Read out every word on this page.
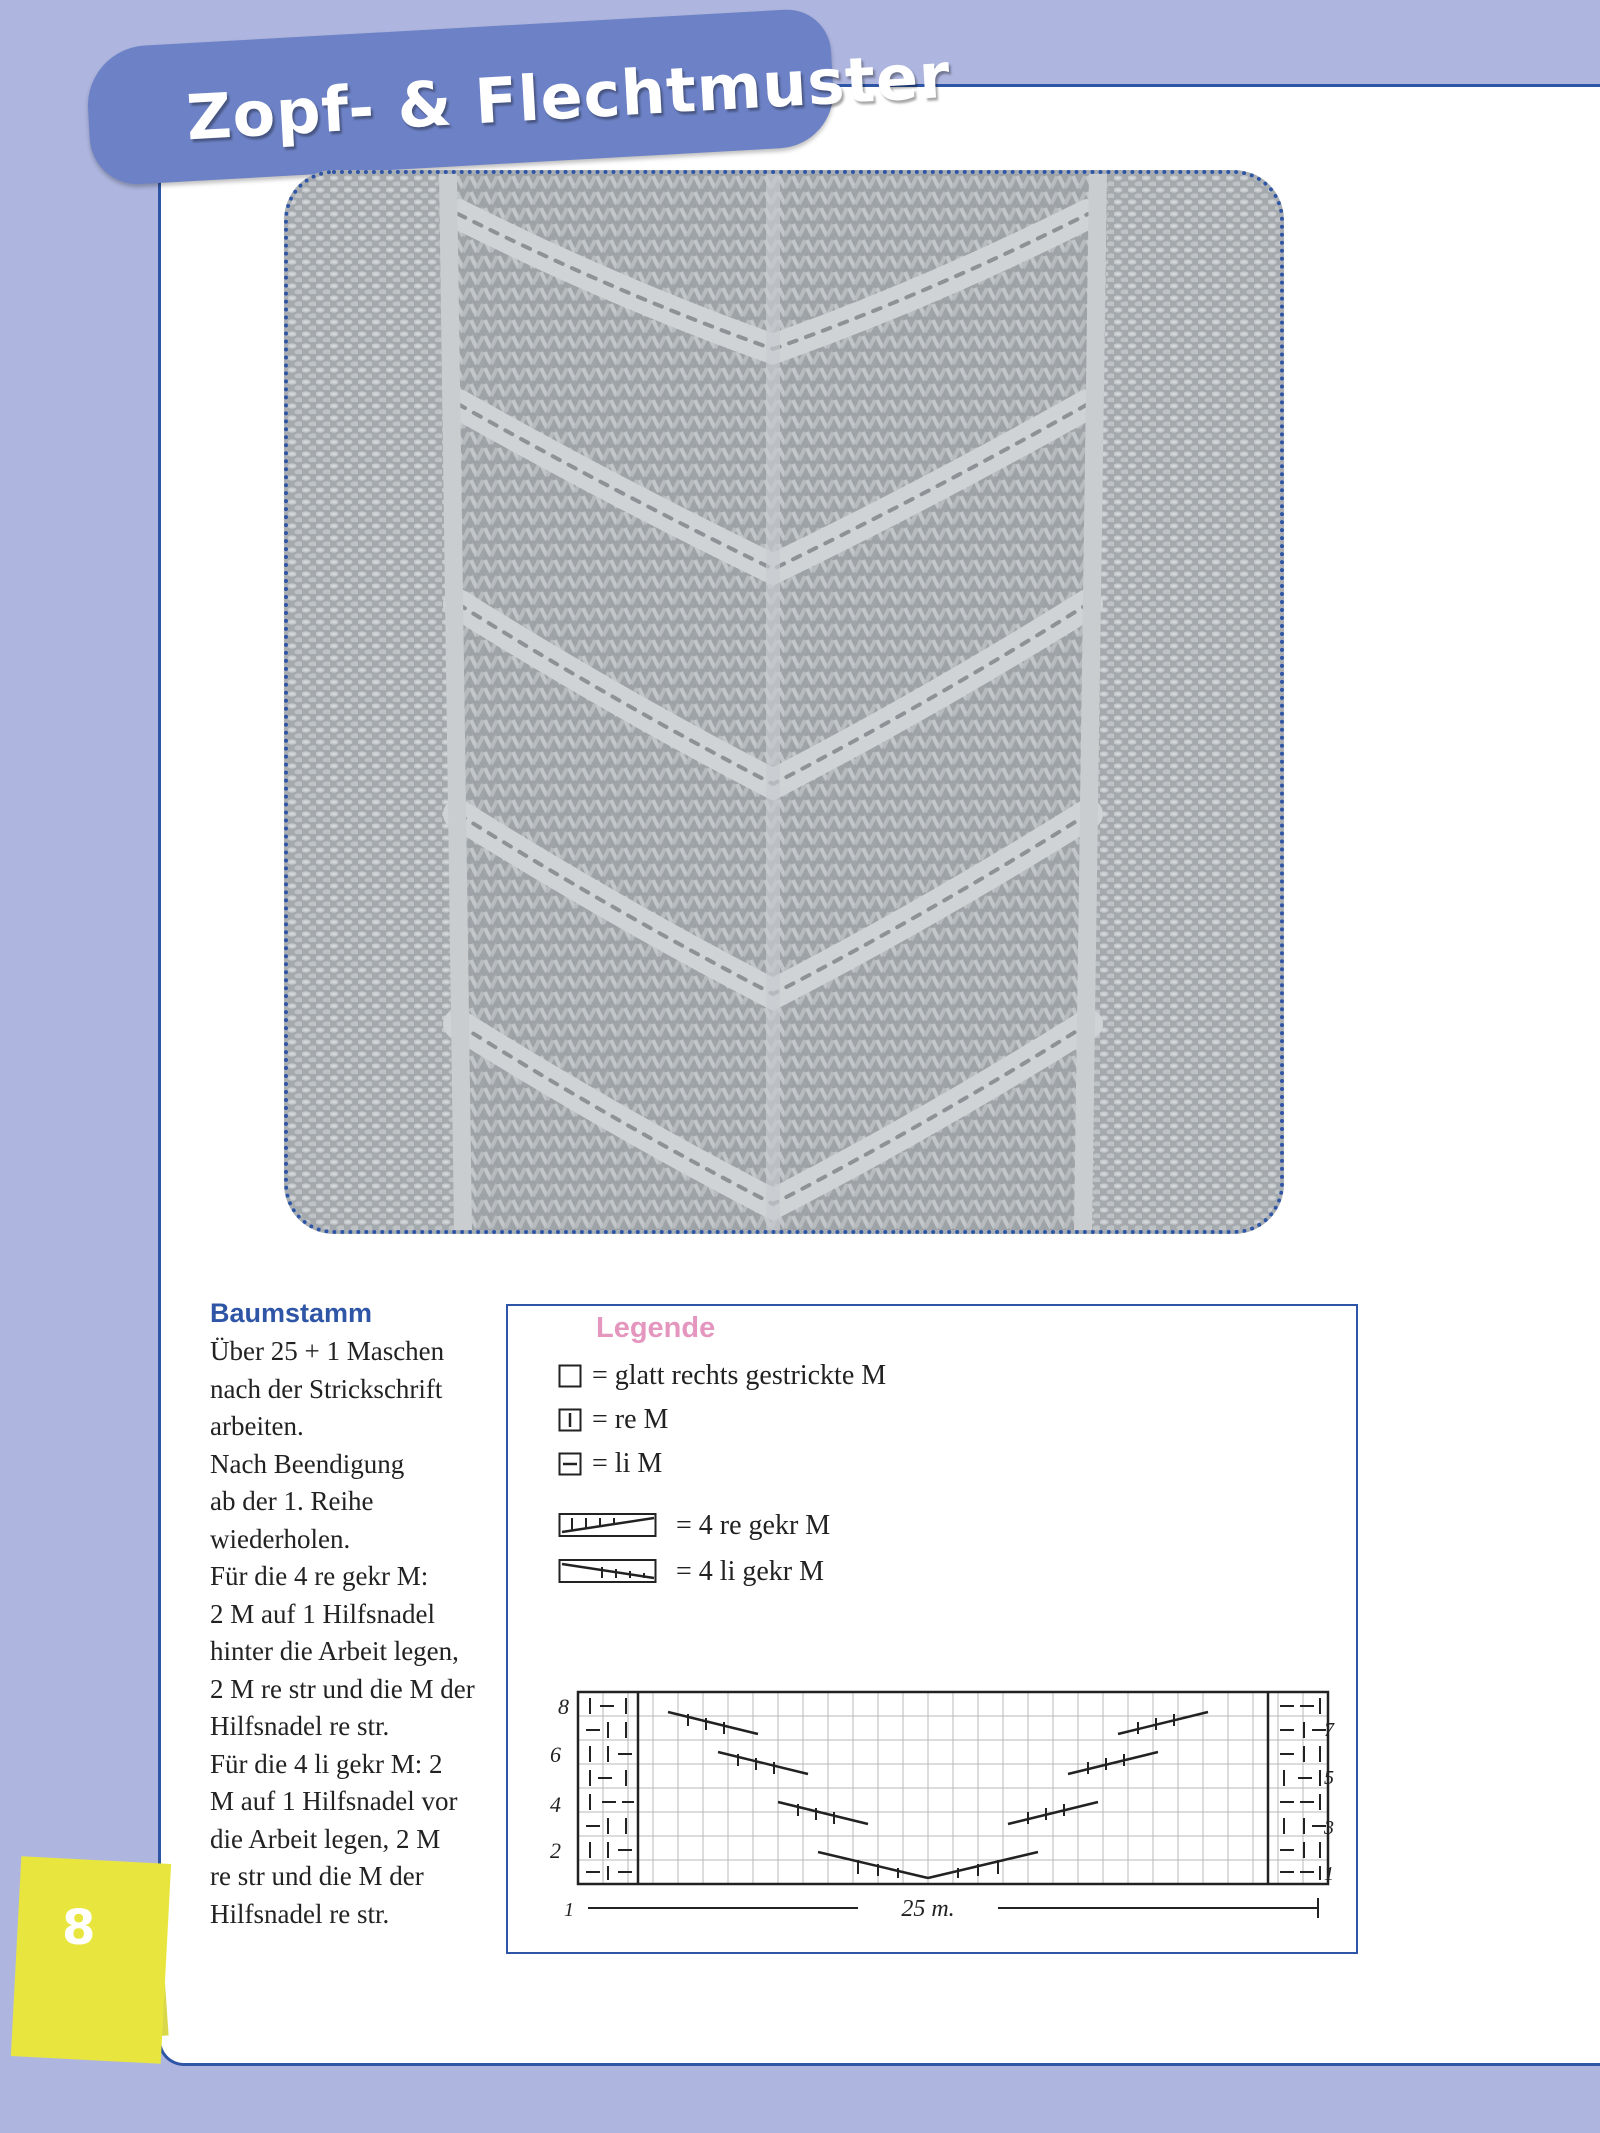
Zopf- & Flechtmuster
8
Baumstamm
Über 25 + 1 Maschen
nach der Strickschrift
arbeiten.
Nach Beendigung
ab der 1. Reihe
wiederholen.
Für die 4 re gekr M:
2 M auf 1 Hilfsnadel
hinter die Arbeit legen,
2 M re str und die M der
Hilfsnadel re str.
Für die 4 li gekr M: 2
M auf 1 Hilfsnadel vor
die Arbeit legen, 2 M
re str und die M der
Hilfsnadel re str.
Legende
= glatt rechts gestrickte M
= re M
= li M
= 4 re gekr M
= 4 li gekr M
8
6
4
2
7
5
3
1
1	25 m.
